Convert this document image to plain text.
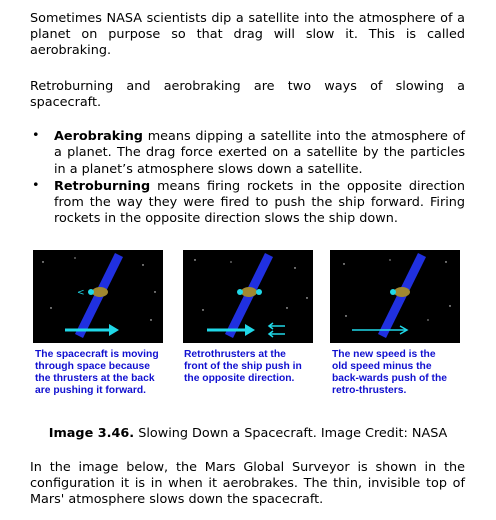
Sometimes NASA scientists dip a satellite into the atmosphere of a planet on purpose so that drag will slow it. This is called aerobraking.

Retroburning and aerobraking are two ways of slowing a spacecraft.

• Aerobraking means dipping a satellite into the atmosphere of a planet. The drag force exerted on a satellite by the particles in a planet’s atmosphere slows down a satellite.
• Retroburning means firing rockets in the opposite direction from the way they were fired to push the ship forward. Firing rockets in the opposite direction slows the ship down.
<
The spacecraft is moving through space because the thrusters at the back are pushing it forward.
Retrothrusters at the front of the ship push in the opposite direction.
The new speed is the old speed minus the back-wards push of the retro-thrusters.
Image 3.46. Slowing Down a Spacecraft. Image Credit: NASA

In the image below, the Mars Global Surveyor is shown in the configuration it is in when it aerobrakes. The thin, invisible top of Mars' atmosphere slows down the spacecraft.
